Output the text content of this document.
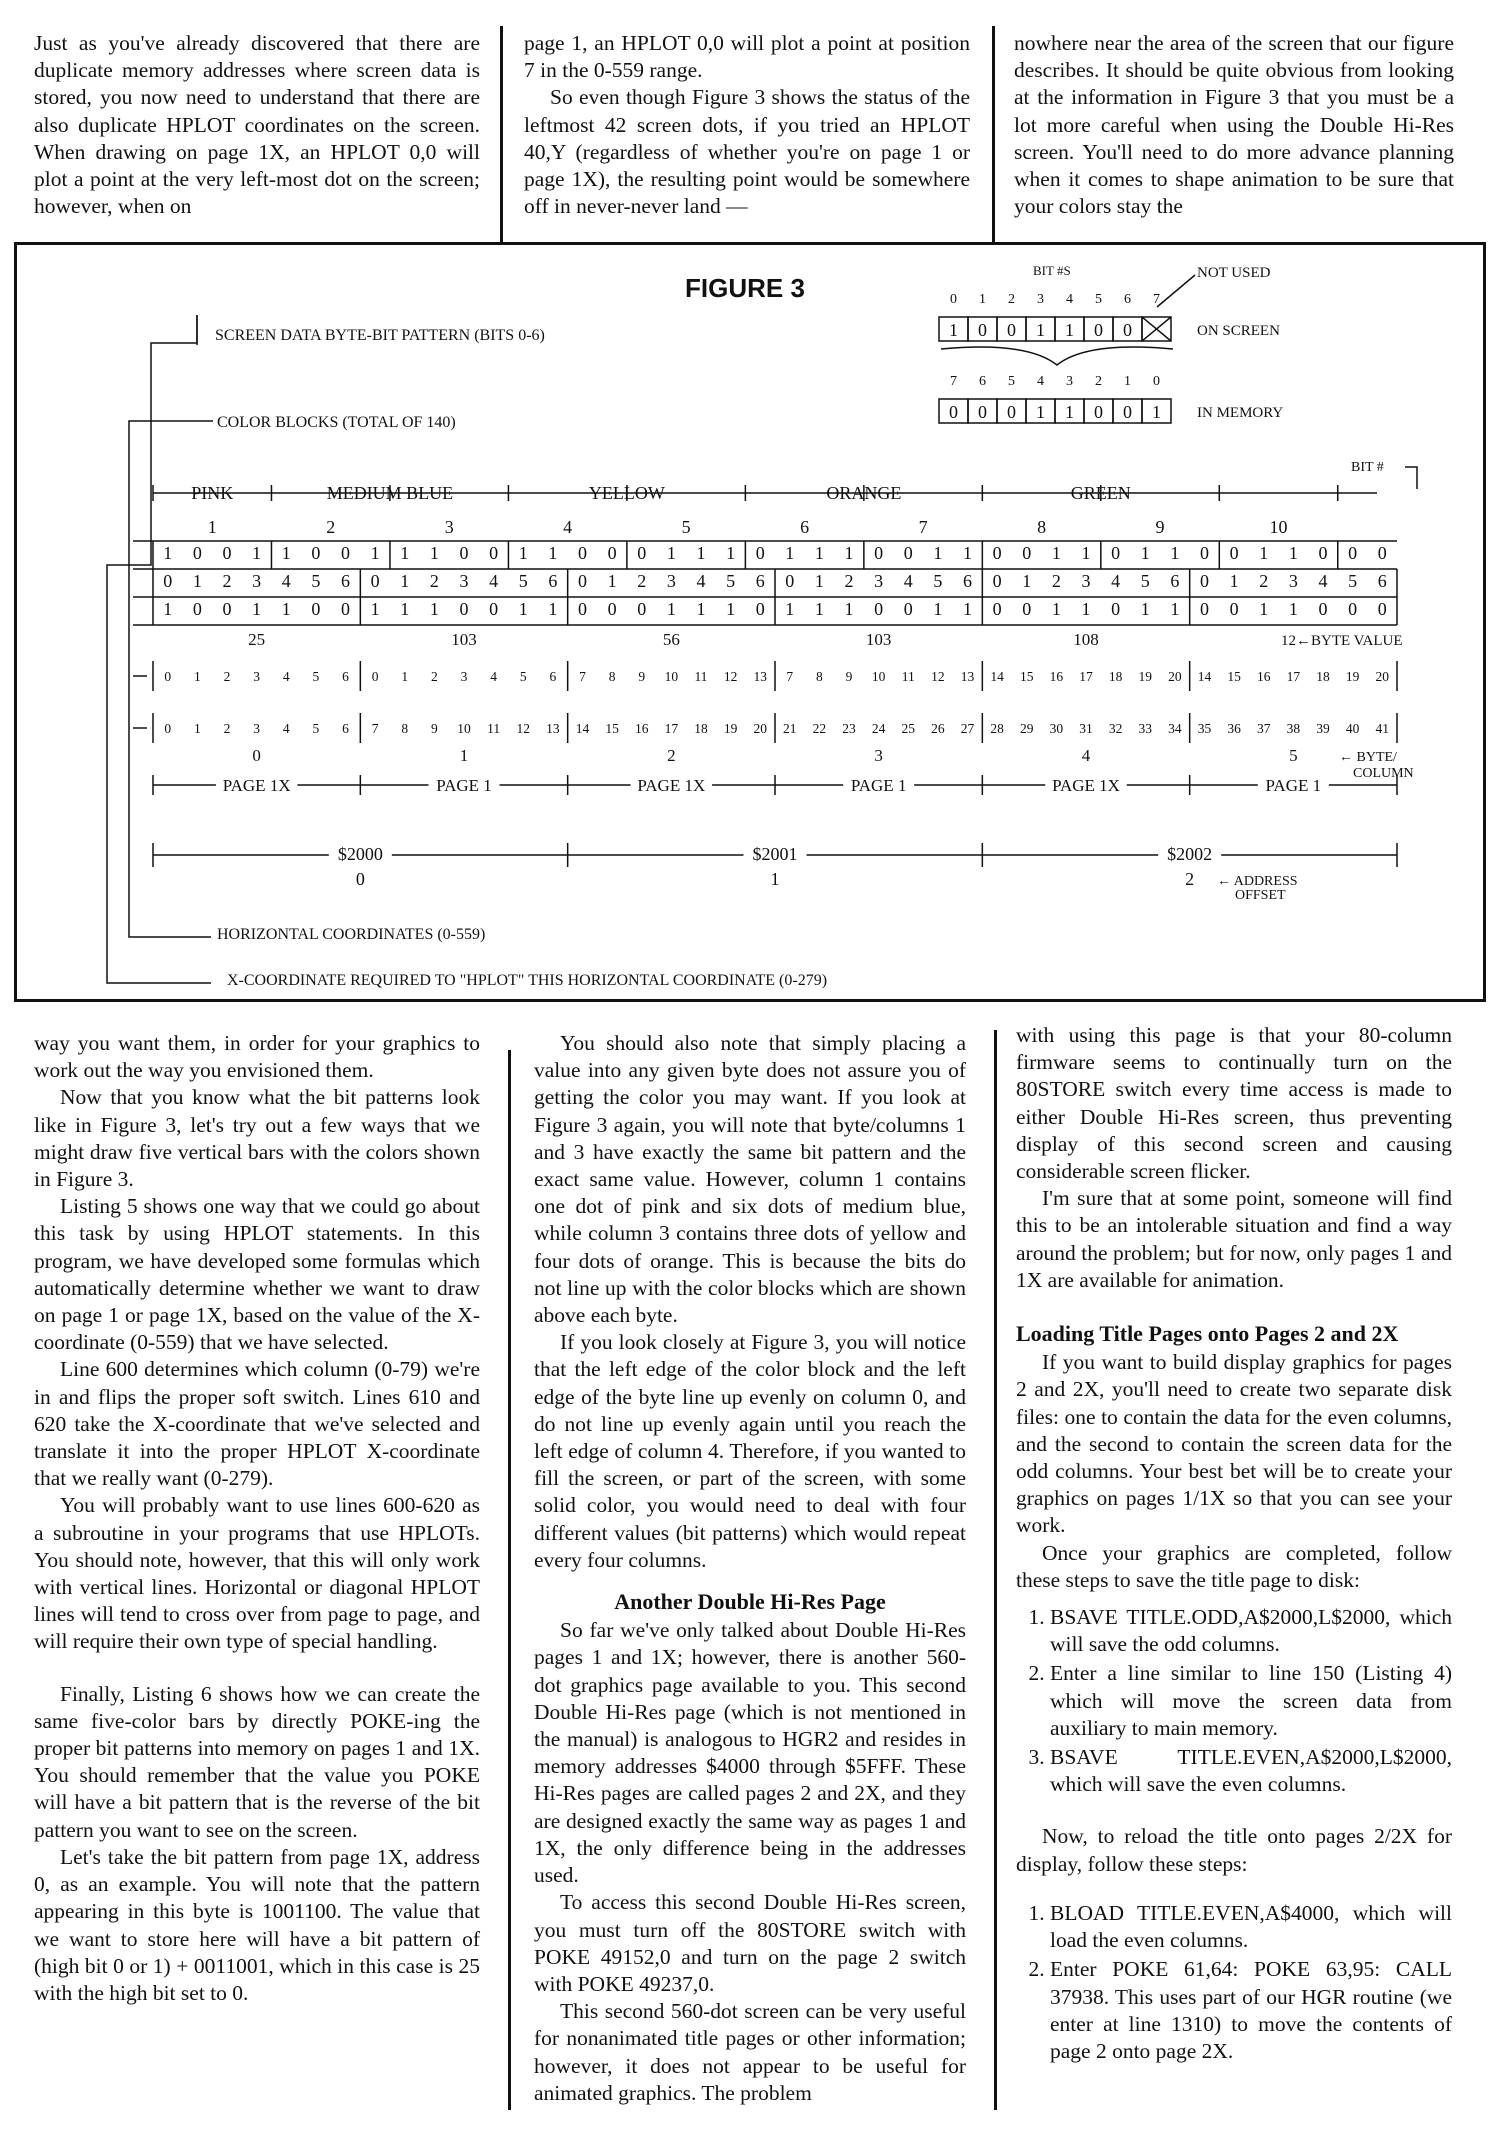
Just as you've already discovered that there are duplicate memory addresses where screen data is stored, you now need to understand that there are also duplicate HPLOT coordinates on the screen. When drawing on page 1X, an HPLOT 0,0 will plot a point at the very left-most dot on the screen; however, when on

page 1, an HPLOT 0,0 will plot a point at position 7 in the 0-559 range.

So even though Figure 3 shows the status of the leftmost 42 screen dots, if you tried an HPLOT 40,Y (regardless of whether you're on page 1 or page 1X), the resulting point would be somewhere off in never-never land —

nowhere near the area of the screen that our figure describes. It should be quite obvious from looking at the information in Figure 3 that you must be a lot more careful when using the Double Hi-Res screen. You'll need to do more advance planning when it comes to shape animation to be sure that your colors stay the

FIGURE 3
BIT #S	NOT USED
0 1 2 3 4 5 6 7
1 0 0 1 1 0 0	ON SCREEN
7 6 5 4 3 2 1 0
0 0 0 1 1 0 0 1 IN MEMORY
SCREEN DATA BYTE-BIT PATTERN (BITS 0-6)
COLOR BLOCKS (TOTAL OF 140)
HORIZONTAL COORDINATES (0-559)
X-COORDINATE REQUIRED TO "HPLOT" THIS HORIZONTAL COORDINATE (0-279)
BIT #
PINK	MEDIUM BLUE	YELLOW	ORANGE	GREEN
1	2	3	4	5	6	7	8	9	10
1 0 0 1 1 0 0 1 1 1 0 0 1 1 0 0 0 1 1 1 0 1 1 1 0 0 1 1 0 0 1 1 0 1 1 0 0 1 1 0 0 0
0 1 2 3 4 5 6 0 1 2 3 4 5 6 0 1 2 3 4 5 6 0 1 2 3 4 5 6 0 1 2 3 4 5 6 0 1 2 3 4 5 6
1 0 0 1 1 0 0 1 1 1 0 0 1 1 0 0 0 1 1 1 0 1 1 1 0 0 1 1 0 0 1 1 0 1 1 0 0 1 1 0 0 0
25	103	56	103	108	12←BYTE VALUE
0 1 2 3 4 5 6 0 1 2 3 4 5 6 7 8 9 10 11 12 13 7 8 9 10 11 12 13 14 15 16 17 18 19 20 14 15 16 17 18 19 20
0 1 2 3 4 5 6 7 8 9 10 11 12 13 14 15 16 17 18 19 20 21 22 23 24 25 26 27 28 29 30 31 32 33 34 35 36 37 38 39 40 41
0	1	2	3	4	5	← BYTE/
COLUMN
PAGE 1X	PAGE 1	PAGE 1X	PAGE 1	PAGE 1X	PAGE 1
$2000
0
$2001
1
$2002
2 ← ADDRESS
OFFSET

way you want them, in order for your graphics to work out the way you envisioned them.

Now that you know what the bit patterns look like in Figure 3, let's try out a few ways that we might draw five vertical bars with the colors shown in Figure 3.

Listing 5 shows one way that we could go about this task by using HPLOT statements. In this program, we have developed some formulas which automatically determine whether we want to draw on page 1 or page 1X, based on the value of the X-coordinate (0-559) that we have selected.

Line 600 determines which column (0-79) we're in and flips the proper soft switch. Lines 610 and 620 take the X-coordinate that we've selected and translate it into the proper HPLOT X-coordinate that we really want (0-279).

You will probably want to use lines 600-620 as a subroutine in your programs that use HPLOTs. You should note, however, that this will only work with vertical lines. Horizontal or diagonal HPLOT lines will tend to cross over from page to page, and will require their own type of special handling.

Finally, Listing 6 shows how we can create the same five-color bars by directly POKE-ing the proper bit patterns into memory on pages 1 and 1X. You should remember that the value you POKE will have a bit pattern that is the reverse of the bit pattern you want to see on the screen.

Let's take the bit pattern from page 1X, address 0, as an example. You will note that the pattern appearing in this byte is 1001100. The value that we want to store here will have a bit pattern of (high bit 0 or 1) + 0011001, which in this case is 25 with the high bit set to 0.

You should also note that simply placing a value into any given byte does not assure you of getting the color you may want. If you look at Figure 3 again, you will note that byte/columns 1 and 3 have exactly the same bit pattern and the exact same value. However, column 1 contains one dot of pink and six dots of medium blue, while column 3 contains three dots of yellow and four dots of orange. This is because the bits do not line up with the color blocks which are shown above each byte.

If you look closely at Figure 3, you will notice that the left edge of the color block and the left edge of the byte line up evenly on column 0, and do not line up evenly again until you reach the left edge of column 4. Therefore, if you wanted to fill the screen, or part of the screen, with some solid color, you would need to deal with four different values (bit patterns) which would repeat every four columns.

Another Double Hi-Res Page

So far we've only talked about Double Hi-Res pages 1 and 1X; however, there is another 560-dot graphics page available to you. This second Double Hi-Res page (which is not mentioned in the manual) is analogous to HGR2 and resides in memory addresses $4000 through $5FFF. These Hi-Res pages are called pages 2 and 2X, and they are designed exactly the same way as pages 1 and 1X, the only difference being in the addresses used.

To access this second Double Hi-Res screen, you must turn off the 80STORE switch with POKE 49152,0 and turn on the page 2 switch with POKE 49237,0.

This second 560-dot screen can be very useful for nonanimated title pages or other information; however, it does not appear to be useful for animated graphics. The problem

with using this page is that your 80-column firmware seems to continually turn on the 80STORE switch every time access is made to either Double Hi-Res screen, thus preventing display of this second screen and causing considerable screen flicker.

I'm sure that at some point, someone will find this to be an intolerable situation and find a way around the problem; but for now, only pages 1 and 1X are available for animation.

Loading Title Pages onto Pages 2 and 2X

If you want to build display graphics for pages 2 and 2X, you'll need to create two separate disk files: one to contain the data for the even columns, and the second to contain the screen data for the odd columns. Your best bet will be to create your graphics on pages 1/1X so that you can see your work.

Once your graphics are completed, follow these steps to save the title page to disk:

1. BSAVE TITLE.ODD,A$2000,L$2000, which will save the odd columns.
2. Enter a line similar to line 150 (Listing 4) which will move the screen data from auxiliary to main memory.
3. BSAVE TITLE.EVEN,A$2000,L$2000, which will save the even columns.

Now, to reload the title onto pages 2/2X for display, follow these steps:

1. BLOAD TITLE.EVEN,A$4000, which will load the even columns.
2. Enter POKE 61,64: POKE 63,95: CALL 37938. This uses part of our HGR routine (we enter at line 1310) to move the contents of page 2 onto page 2X.
